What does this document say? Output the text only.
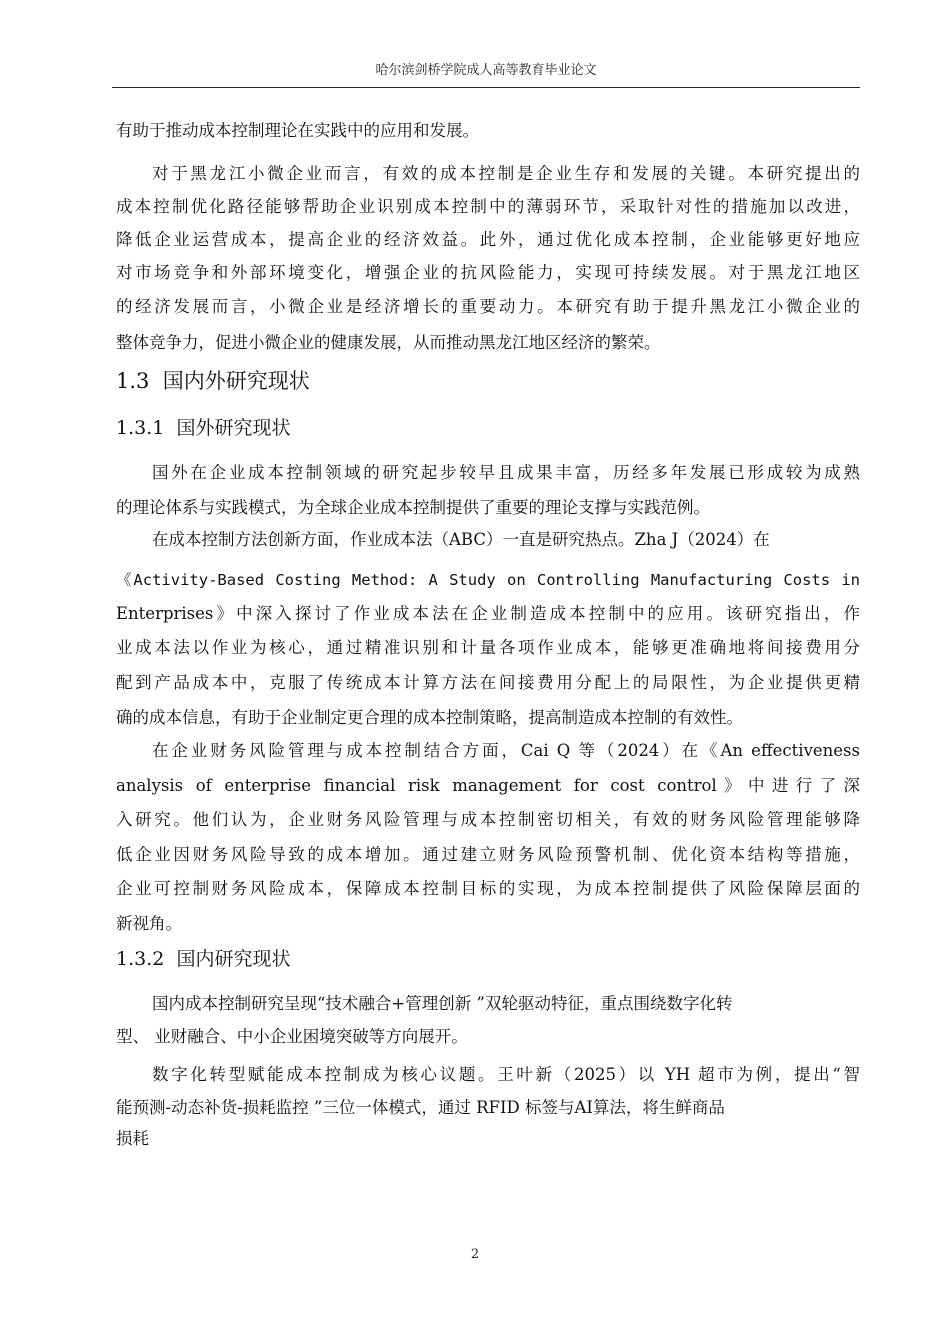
哈尔滨剑桥学院成人高等教育毕业论文
有助于推动成本控制理论在实践中的应用和发展。
对于黑龙江小微企业而言，有效的成本控制是企业生存和发展的关键。本研究提出的
成本控制优化路径能够帮助企业识别成本控制中的薄弱环节，采取针对性的措施加以改进，
降低企业运营成本，提高企业的经济效益。此外，通过优化成本控制，企业能够更好地应
对市场竞争和外部环境变化，增强企业的抗风险能力，实现可持续发展。对于黑龙江地区
的经济发展而言，小微企业是经济增长的重要动力。本研究有助于提升黑龙江小微企业的
整体竞争力，促进小微企业的健康发展，从而推动黑龙江地区经济的繁荣。
1.3 国内外研究现状
1.3.1 国外研究现状
国外在企业成本控制领域的研究起步较早且成果丰富，历经多年发展已形成较为成熟
的理论体系与实践模式，为全球企业成本控制提供了重要的理论支撑与实践范例。
在成本控制方法创新方面，作业成本法（ABC）一直是研究热点。Zha J（2024）在
《Activity-Based Costing Method: A Study on Controlling Manufacturing Costs in
Enterprises》中深入探讨了作业成本法在企业制造成本控制中的应用。该研究指出，作
业成本法以作业为核心，通过精准识别和计量各项作业成本，能够更准确地将间接费用分
配到产品成本中，克服了传统成本计算方法在间接费用分配上的局限性，为企业提供更精
确的成本信息，有助于企业制定更合理的成本控制策略，提高制造成本控制的有效性。
在企业财务风险管理与成本控制结合方面，Cai Q 等（2024）在《An effectiveness
analysis of enterprise financial risk management for cost control》中进行了深
入研究。他们认为，企业财务风险管理与成本控制密切相关，有效的财务风险管理能够降
低企业因财务风险导致的成本增加。通过建立财务风险预警机制、优化资本结构等措施，
企业可控制财务风险成本，保障成本控制目标的实现，为成本控制提供了风险保障层面的
新视角。
1.3.2 国内研究现状
国内成本控制研究呈现“技术融合+管理创新 ”双轮驱动特征，重点围绕数字化转
型、 业财融合、中小企业困境突破等方向展开。
数字化转型赋能成本控制成为核心议题。王叶新（2025）以 YH 超市为例，提出“智
能预测-动态补货-损耗监控 ”三位一体模式，通过 RFID 标签与AI算法，将生鲜商品
损耗
2
